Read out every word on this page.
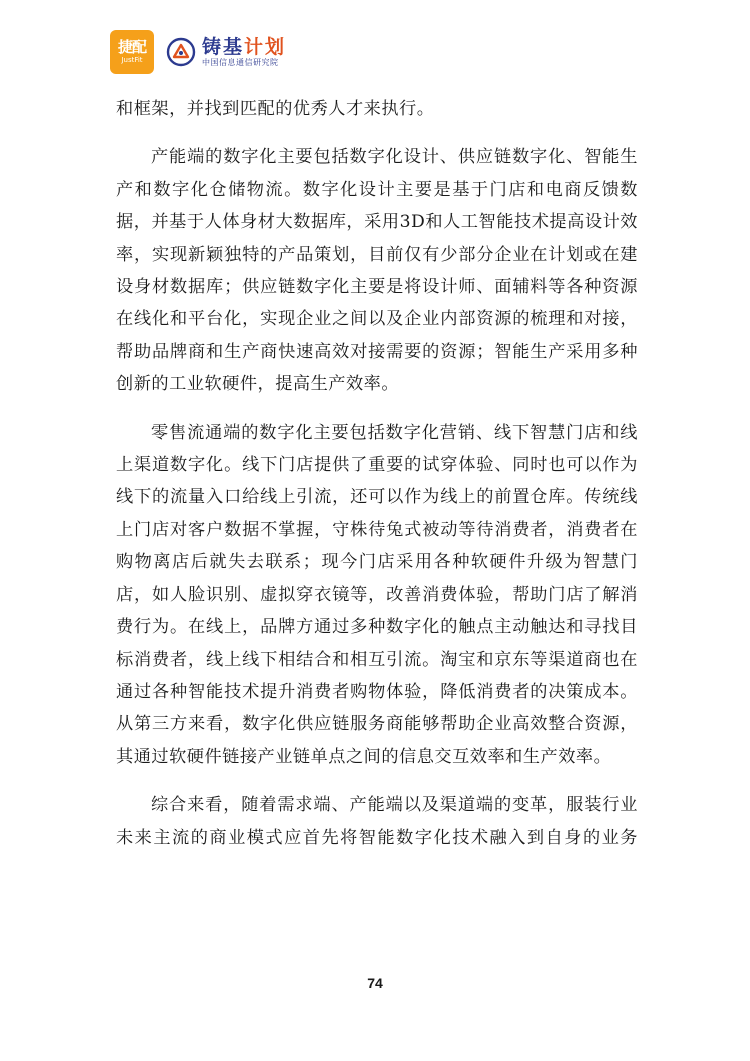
捷配
JustFit
铸基计划
中国信息通信研究院

和框架，并找到匹配的优秀人才来执行。

产能端的数字化主要包括数字化设计、供应链数字化、智能生产和数字化仓储物流。数字化设计主要是基于门店和电商反馈数据，并基于人体身材大数据库，采用3D和人工智能技术提高设计效率，实现新颖独特的产品策划，目前仅有少部分企业在计划或在建设身材数据库；供应链数字化主要是将设计师、面辅料等各种资源在线化和平台化，实现企业之间以及企业内部资源的梳理和对接，帮助品牌商和生产商快速高效对接需要的资源；智能生产采用多种创新的工业软硬件，提高生产效率。

零售流通端的数字化主要包括数字化营销、线下智慧门店和线上渠道数字化。线下门店提供了重要的试穿体验、同时也可以作为线下的流量入口给线上引流，还可以作为线上的前置仓库。传统线上门店对客户数据不掌握，守株待兔式被动等待消费者，消费者在购物离店后就失去联系；现今门店采用各种软硬件升级为智慧门店，如人脸识别、虚拟穿衣镜等，改善消费体验，帮助门店了解消费行为。在线上，品牌方通过多种数字化的触点主动触达和寻找目标消费者，线上线下相结合和相互引流。淘宝和京东等渠道商也在通过各种智能技术提升消费者购物体验，降低消费者的决策成本。从第三方来看，数字化供应链服务商能够帮助企业高效整合资源，其通过软硬件链接产业链单点之间的信息交互效率和生产效率。

综合来看，随着需求端、产能端以及渠道端的变革，服装行业未来主流的商业模式应首先将智能数字化技术融入到自身的业务

74
